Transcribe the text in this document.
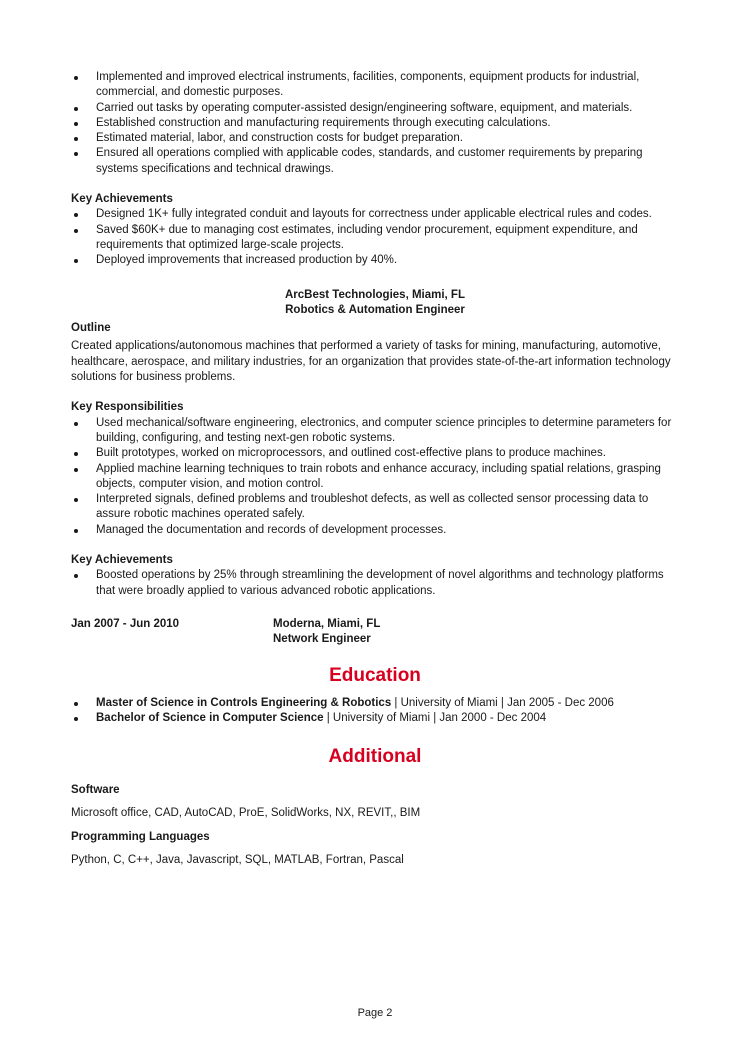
Implemented and improved electrical instruments, facilities, components, equipment products for industrial, commercial, and domestic purposes.
Carried out tasks by operating computer-assisted design/engineering software, equipment, and materials.
Established construction and manufacturing requirements through executing calculations.
Estimated material, labor, and construction costs for budget preparation.
Ensured all operations complied with applicable codes, standards, and customer requirements by preparing systems specifications and technical drawings.
Key Achievements
Designed 1K+ fully integrated conduit and layouts for correctness under applicable electrical rules and codes.
Saved $60K+ due to managing cost estimates, including vendor procurement, equipment expenditure, and requirements that optimized large-scale projects.
Deployed improvements that increased production by 40%.
ArcBest Technologies, Miami, FL
Robotics & Automation Engineer
Outline

Created applications/autonomous machines that performed a variety of tasks for mining, manufacturing, automotive, healthcare, aerospace, and military industries, for an organization that provides state-of-the-art information technology solutions for business problems.

Key Responsibilities
Used mechanical/software engineering, electronics, and computer science principles to determine parameters for building, configuring, and testing next-gen robotic systems.
Built prototypes, worked on microprocessors, and outlined cost-effective plans to produce machines.
Applied machine learning techniques to train robots and enhance accuracy, including spatial relations, grasping objects, computer vision, and motion control.
Interpreted signals, defined problems and troubleshot defects, as well as collected sensor processing data to assure robotic machines operated safely.
Managed the documentation and records of development processes.
Key Achievements
Boosted operations by 25% through streamlining the development of novel algorithms and technology platforms that were broadly applied to various advanced robotic applications.
Jan 2007 - Jun 2010	Moderna, Miami, FL
Network Engineer
Education
Master of Science in Controls Engineering & Robotics | University of Miami | Jan 2005 - Dec 2006
Bachelor of Science in Computer Science | University of Miami | Jan 2000 - Dec 2004
Additional
Software

Microsoft office, CAD, AutoCAD, ProE, SolidWorks, NX, REVIT,, BIM

Programming Languages

Python, C, C++, Java, Javascript, SQL, MATLAB, Fortran, Pascal

Page 2
